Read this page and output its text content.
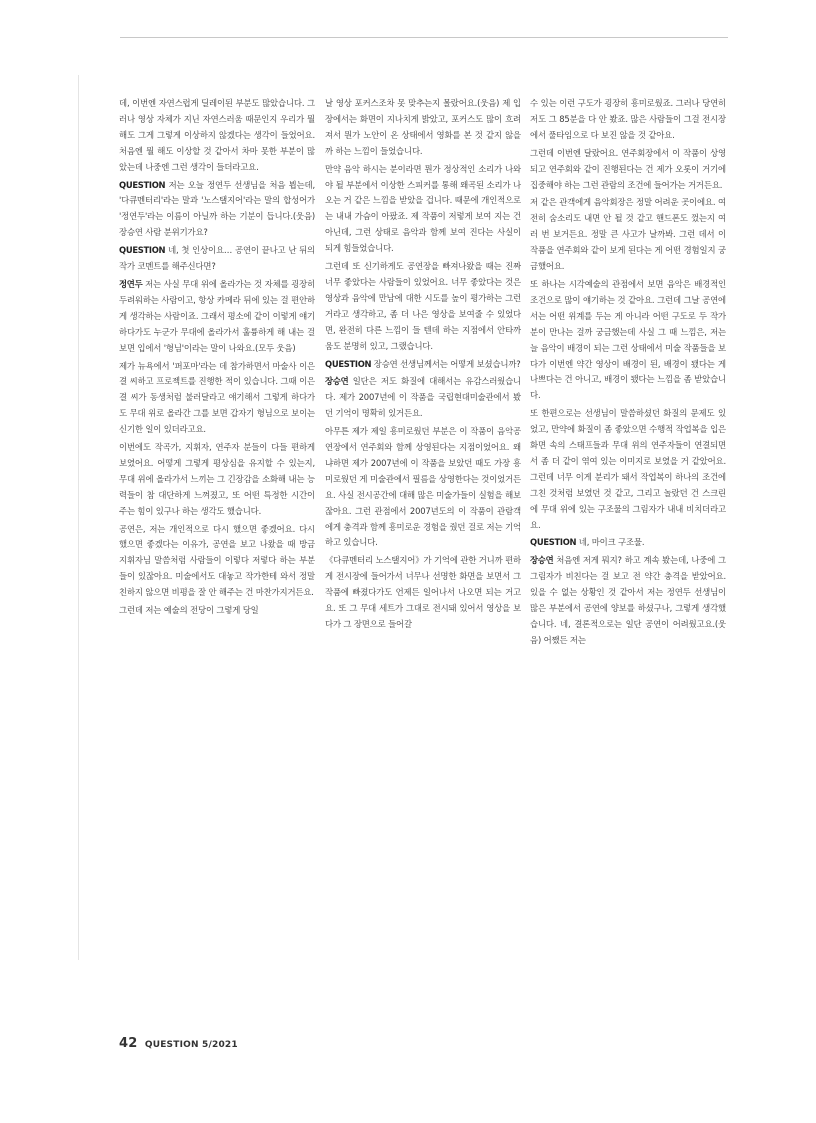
데, 이번엔 자연스럽게 딜레이된 부분도 많았습니다. 그러나 영상 자체가 지닌 자연스러움 때문인지 우리가 뭘 해도 그게 그렇게 이상하지 않겠다는 생각이 들었어요. 처음엔 뭘 해도 이상할 것 같아서 차마 못한 부분이 많았는데 나중엔 그런 생각이 들더라고요.

QUESTION 저는 오늘 정연두 선생님을 처음 뵙는데, '다큐멘터리'라는 말과 '노스탤지어'라는 말의 합성어가 '정연두'라는 이름이 아닐까 하는 기분이 듭니다.(웃음) 장승연 사람 분위기가요?

QUESTION 네, 첫 인상이요… 공연이 끝나고 난 뒤의 작가 코멘트를 해주신다면?

정연두 저는 사실 무대 위에 올라가는 것 자체를 굉장히 두려워하는 사람이고, 항상 카메라 뒤에 있는 걸 편안하게 생각하는 사람이죠. 그래서 평소에 같이 이렇게 얘기하다가도 누군가 무대에 올라가서 훌륭하게 해 내는 걸 보면 입에서 '형님'이라는 말이 나와요.(모두 웃음)

제가 뉴욕에서 '퍼포마'라는 데 참가하면서 마술사 이은결 씨하고 프로젝트를 진행한 적이 있습니다. 그때 이은결 씨가 동생처럼 불러달라고 얘기해서 그렇게 하다가도 무대 위로 올라간 그를 보면 갑자기 형님으로 보이는 신기한 일이 있더라고요.

이번에도 작곡가, 지휘자, 연주자 분들이 다들 편하게 보였어요. 어떻게 그렇게 평상심을 유지할 수 있는지, 무대 위에 올라가서 느끼는 그 긴장감을 소화해 내는 능력들이 참 대단하게 느껴졌고, 또 어떤 특정한 시간이 주는 힘이 있구나 하는 생각도 했습니다.

공연은, 저는 개인적으로 다시 했으면 좋겠어요. 다시 했으면 좋겠다는 이유가, 공연을 보고 나왔을 때 방금 지휘자님 말씀처럼 사람들이 이렇다 저렇다 하는 부분들이 있잖아요. 미술에서도 대놓고 작가한테 와서 정말 친하지 않으면 비평을 잘 안 해주는 건 마찬가지거든요.

그런데 저는 예술의 전당이 그렇게 당일

날 영상 포커스조차 못 맞추는지 몰랐어요.(웃음) 제 입장에서는 화면이 지나치게 밝았고, 포커스도 많이 흐려져서 뭔가 노안이 온 상태에서 영화를 본 것 같지 않을까 하는 느낌이 들었습니다.

만약 음악 하시는 분이라면 뭔가 정상적인 소리가 나와야 될 부분에서 이상한 스피커를 통해 왜곡된 소리가 나오는 거 같은 느낌을 받았을 겁니다. 때문에 개인적으로는 내내 가슴이 아팠죠. 제 작품이 저렇게 보여 지는 건 아닌데, 그런 상태로 음악과 함께 보여 진다는 사실이 되게 힘들었습니다.

그런데 또 신기하게도 공연장을 빠져나왔을 때는 진짜 너무 좋았다는 사람들이 있었어요. 너무 좋았다는 것은 영상과 음악에 만남에 대한 시도를 높이 평가하는 그런 거라고 생각하고, 좀 더 나은 영상을 보여줄 수 있었다면, 완전히 다른 느낌이 들 텐데 하는 지점에서 안타까움도 분명히 있고, 그랬습니다.

QUESTION 장승연 선생님께서는 어떻게 보셨습니까?

장승연 일단은 저도 화질에 대해서는 유감스러웠습니다. 제가 2007년에 이 작품을 국립현대미술관에서 봤던 기억이 명확히 있거든요.

아무튼 제가 제일 흥미로웠던 부분은 이 작품이 음악공연장에서 연주회와 함께 상영된다는 지점이었어요. 왜냐하면 제가 2007년에 이 작품을 보았던 때도 가장 흥미로웠던 게 미술관에서 필름을 상영한다는 것이었거든요. 사실 전시공간에 대해 많은 미술가들이 실험을 해보잖아요. 그런 관점에서 2007년도의 이 작품이 관람객에게 충격과 함께 흥미로운 경험을 줬던 걸로 저는 기억하고 있습니다.

《다큐멘터리 노스탤지어》가 기억에 관한 거니까 편하게 전시장에 들어가서 너무나 선명한 화면을 보면서 그 작품에 빠졌다가도 언제든 일어나서 나오면 되는 거고요. 또 그 무대 세트가 그대로 전시돼 있어서 영상을 보다가 그 장면으로 들어갈

수 있는 이런 구도가 굉장히 흥미로웠죠. 그러나 당연히 저도 그 85분을 다 안 봤죠. 많은 사람들이 그걸 전시장에서 풀타임으로 다 보진 않을 것 같아요.

그런데 이번엔 달랐어요. 연주회장에서 이 작품이 상영되고 연주회와 같이 진행된다는 건 제가 오롯이 거기에 집중해야 하는 그런 관람의 조건에 들어가는 거거든요.

저 같은 관객에게 음악회장은 정말 어려운 곳이에요. 여전히 숨소리도 내면 안 될 것 같고 핸드폰도 껐는지 여러 번 보거든요. 정말 큰 사고가 날까봐. 그런 데서 이 작품을 연주회와 같이 보게 된다는 게 어떤 경험일지 궁금했어요.

또 하나는 시각예술의 관점에서 보면 음악은 배경적인 조건으로 많이 얘기하는 것 같아요. 그런데 그날 공연에서는 어떤 위계를 두는 게 아니라 어떤 구도로 두 작가분이 만나는 걸까 궁금했는데 사실 그 때 느낌은, 저는 늘 음악이 배경이 되는 그런 상태에서 미술 작품들을 보다가 이번엔 약간 영상이 배경이 된, 배경이 됐다는 게 나쁘다는 건 아니고, 배경이 됐다는 느낌을 좀 받았습니다.

또 한편으로는 선생님이 말씀하셨던 화질의 문제도 있었고, 만약에 화질이 좀 좋았으면 수행적 작업복을 입은 화면 속의 스태프들과 무대 위의 연주자들이 연결되면서 좀 더 같이 엮여 있는 이미지로 보였을 거 같았어요. 그런데 너무 이게 분리가 돼서 작업복이 하나의 조건에 그친 것처럼 보였던 것 같고, 그리고 놀랐던 건 스크린에 무대 위에 있는 구조물의 그림자가 내내 비치더라고요.

QUESTION 네, 마이크 구조물.

장승연 처음엔 저게 뭐지? 하고 계속 봤는데, 나중에 그 그림자가 비친다는 걸 보고 전 약간 충격을 받았어요. 있을 수 없는 상황인 것 같아서 저는 정연두 선생님이 많은 부분에서 공연에 양보를 하셨구나, 그렇게 생각했습니다. 네, 결론적으로는 일단 공연이 어려웠고요.(웃음) 어쨌든 저는

42 QUESTION 5/2021
